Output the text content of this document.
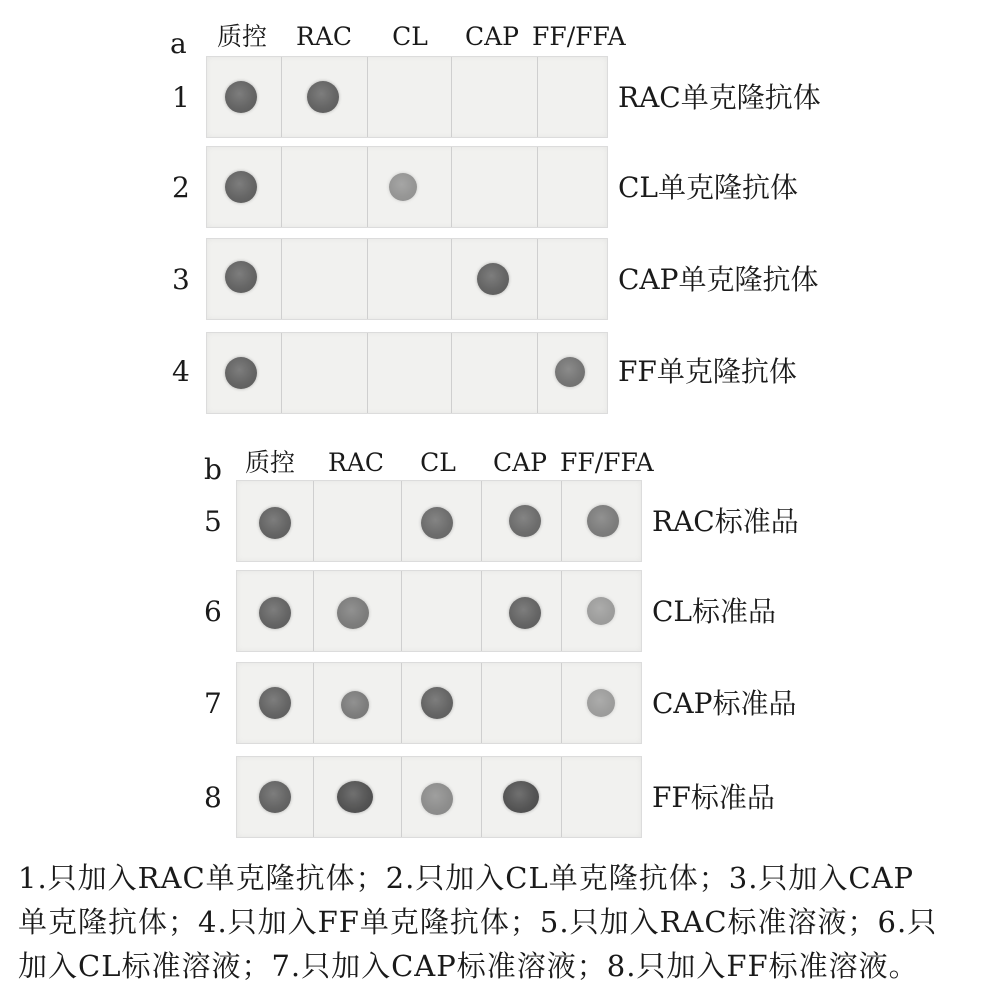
a 质控 RAC	CL	CAP FF/FFA
1	RAC单克隆抗体
2	CL单克隆抗体
3	CAP单克隆抗体
4	FF单克隆抗体
b 质控 RAC	CL	CAP FF/FFA
5	RAC标准品
6	CL标准品
7	CAP标准品
8	FF标准品
1.只加入RAC单克隆抗体；2.只加入CL单克隆抗体；3.只加入CAP
单克隆抗体；4.只加入FF单克隆抗体；5.只加入RAC标准溶液；6.只
加入CL标准溶液；7.只加入CAP标准溶液；8.只加入FF标准溶液。
